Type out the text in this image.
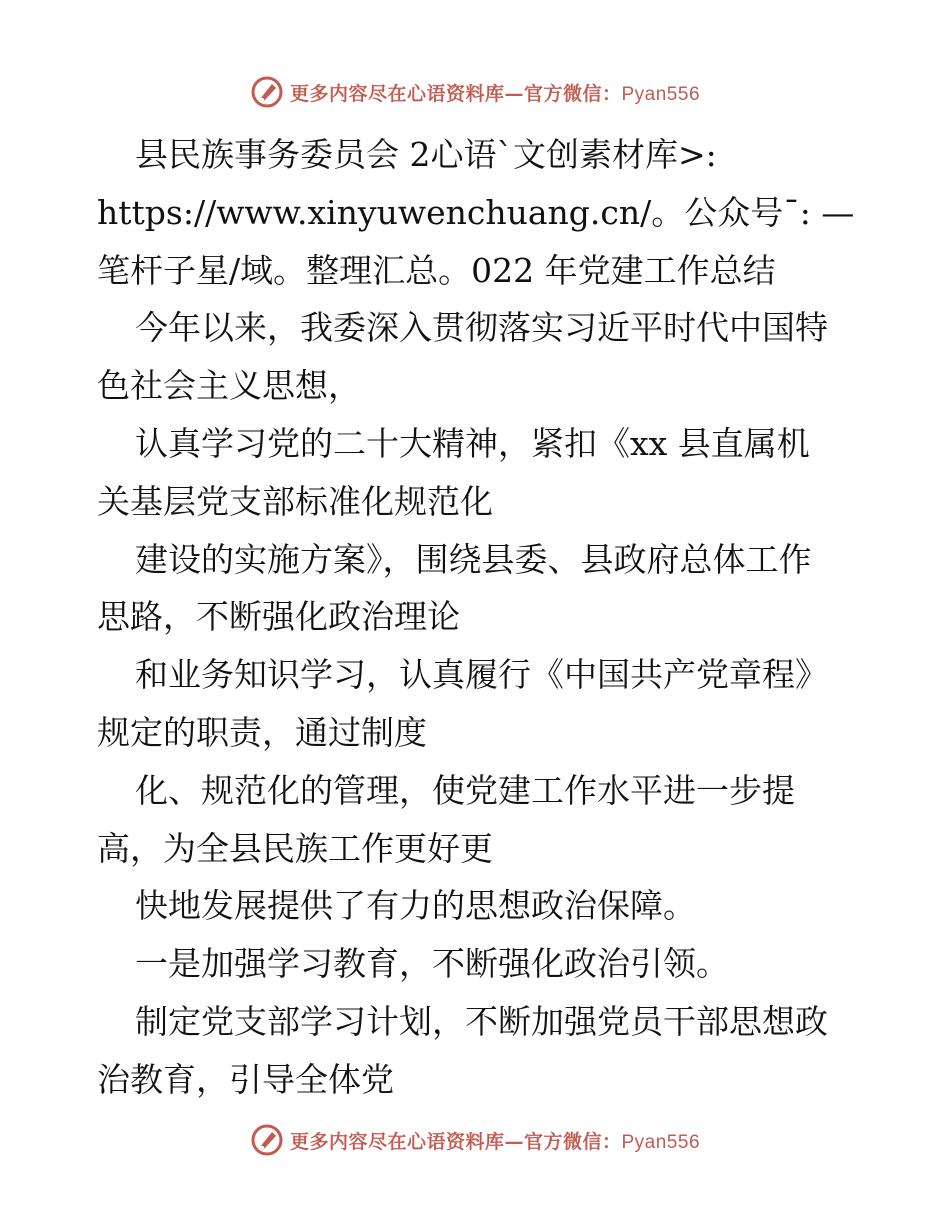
更多内容尽在心语资料库—官方微信：Pyan556
县民族事务委员会 2心语`文创素材库>:
https://www.xinyuwenchuang.cn/。公众号¯: —
笔杆子星/域。整理汇总。022 年党建工作总结
今年以来，我委深入贯彻落实习近平时代中国特
色社会主义思想，
认真学习党的二十大精神，紧扣《xx 县直属机
关基层党支部标准化规范化
建设的实施方案》，围绕县委、县政府总体工作
思路，不断强化政治理论
和业务知识学习，认真履行《中国共产党章程》
规定的职责，通过制度
化、规范化的管理，使党建工作水平进一步提
高，为全县民族工作更好更
快地发展提供了有力的思想政治保障。
一是加强学习教育，不断强化政治引领。
制定党支部学习计划，不断加强党员干部思想政
治教育，引导全体党
更多内容尽在心语资料库—官方微信：Pyan556
